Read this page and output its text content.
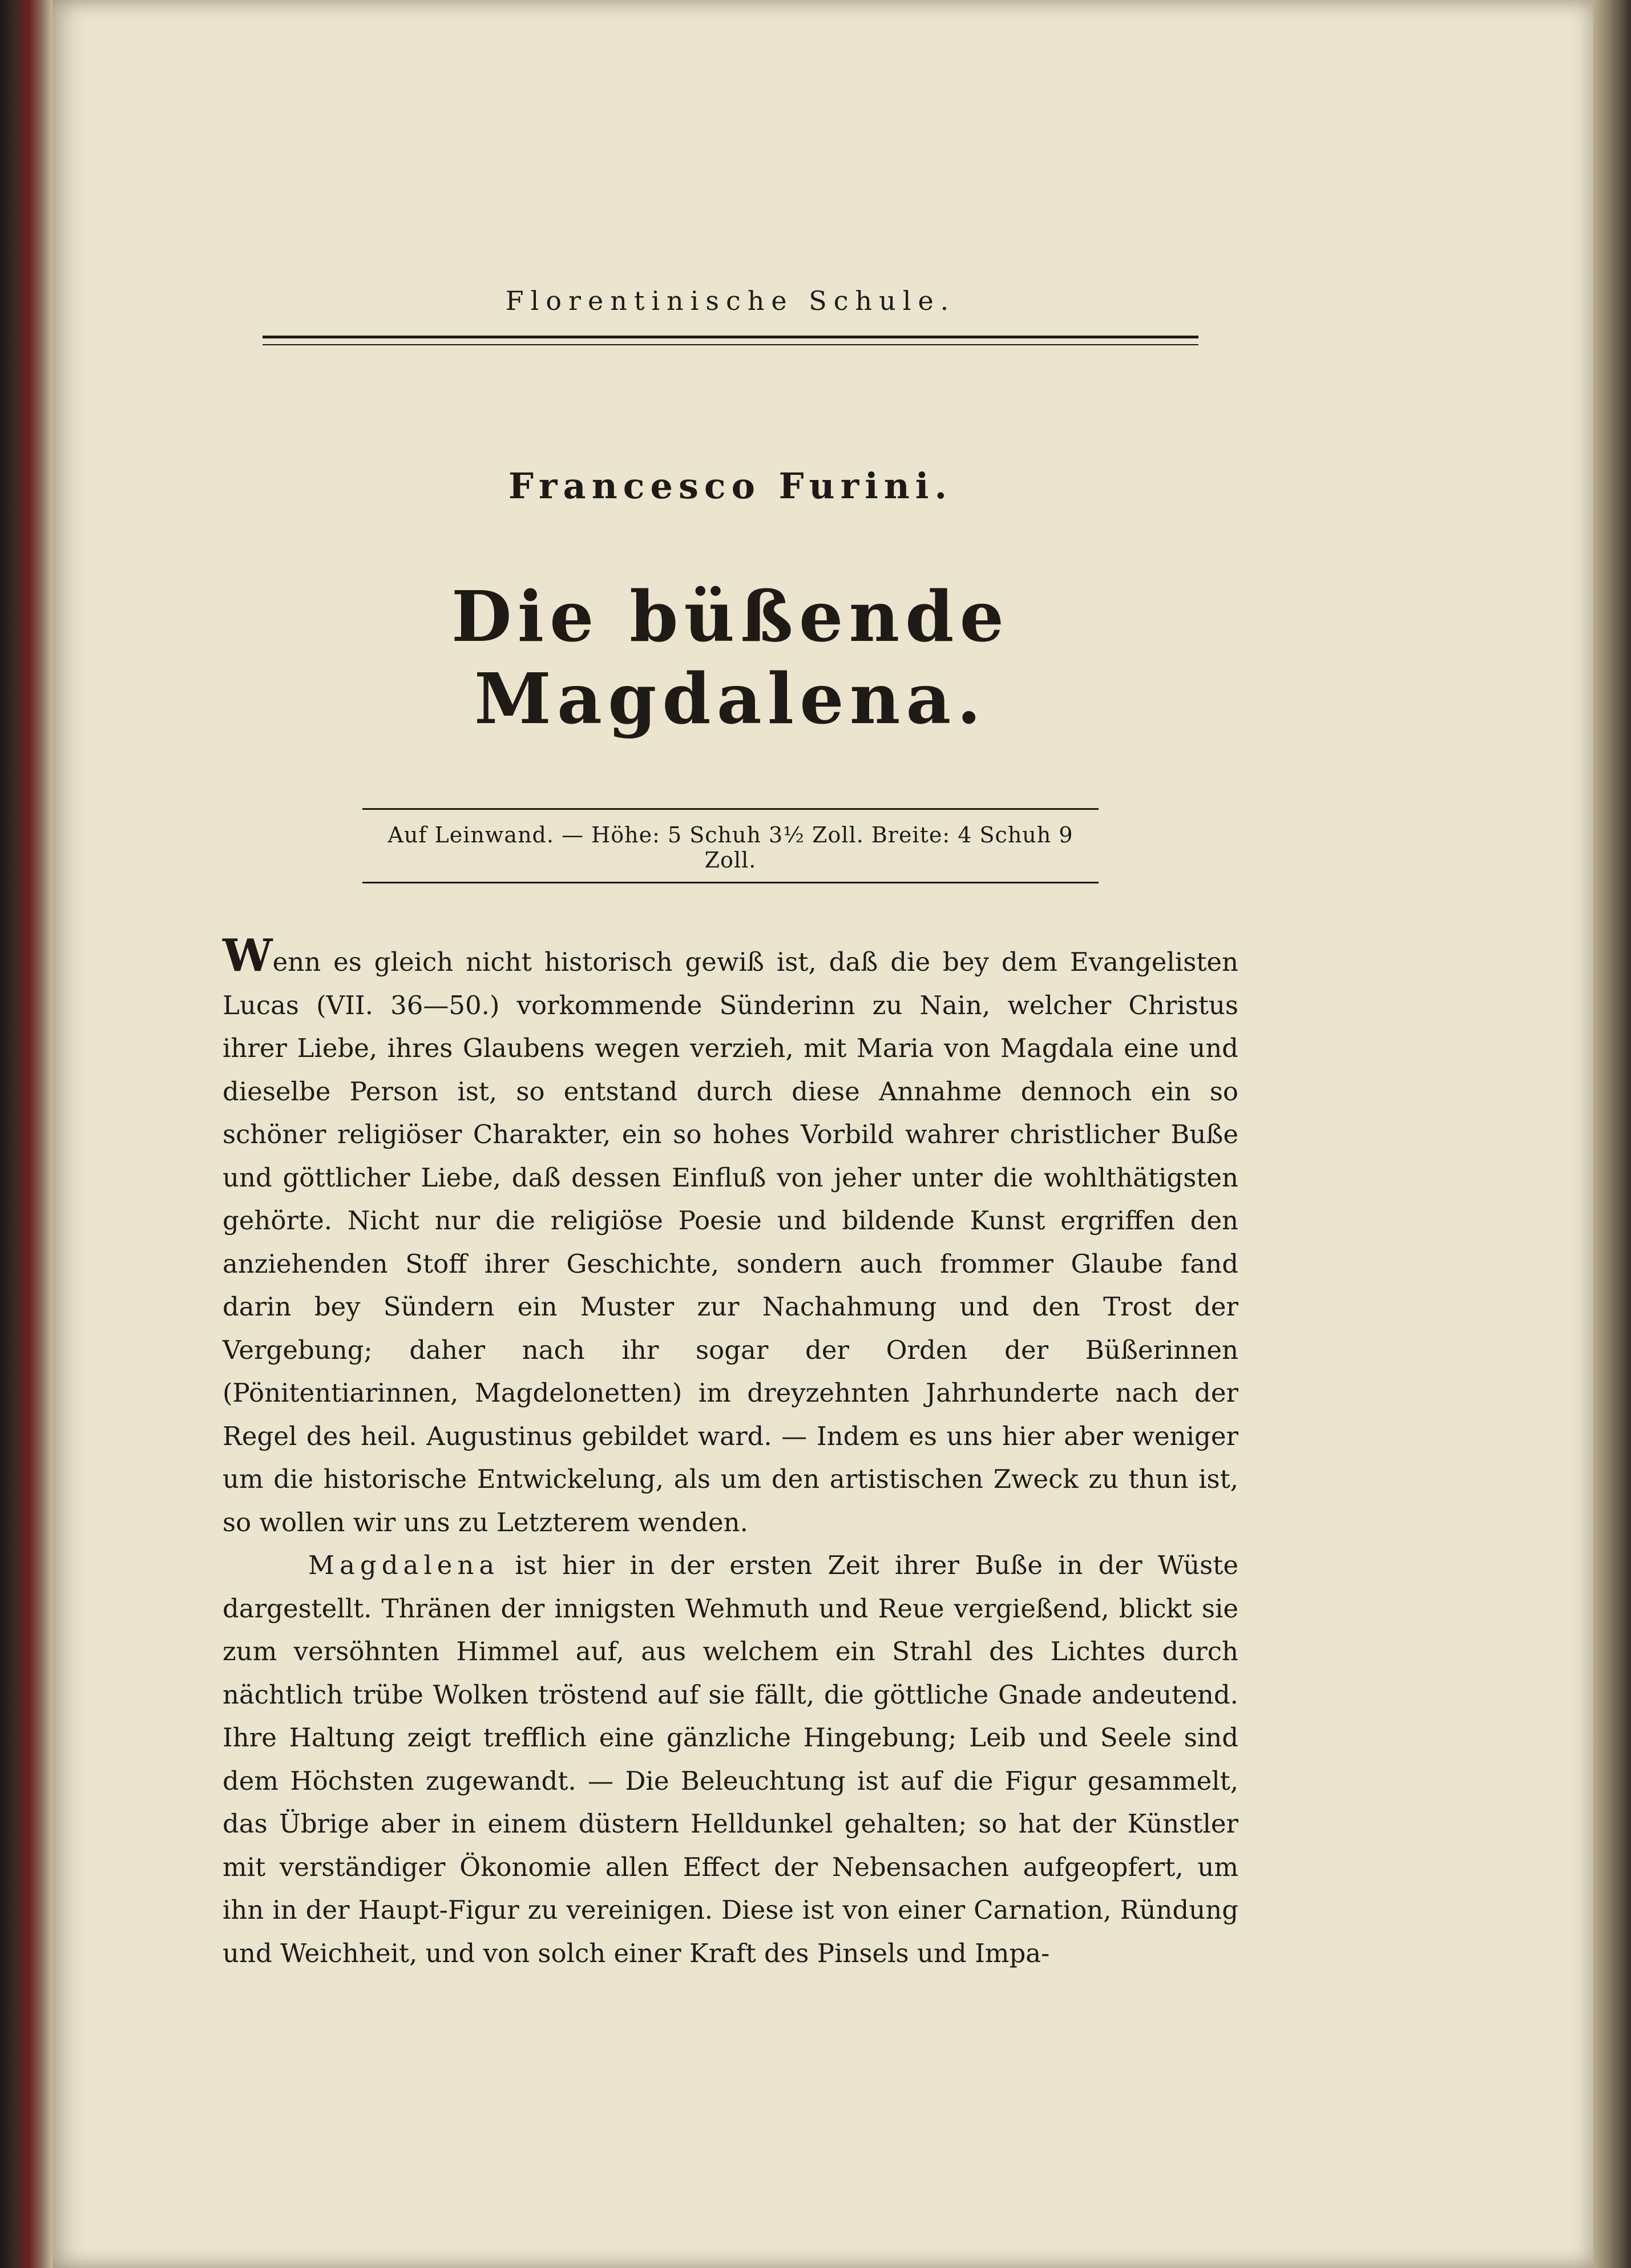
Florentinische Schule.
Francesco Furini.
Die büßende Magdalena.
Auf Leinwand. — Höhe: 5 Schuh 3½ Zoll. Breite: 4 Schuh 9 Zoll.

Wenn es gleich nicht historisch gewiß ist, daß die bey dem Evangelisten Lucas (VII. 36—50.) vorkommende Sünderinn zu Nain, welcher Christus ihrer Liebe, ihres Glaubens wegen verzieh, mit Maria von Magdala eine und dieselbe Person ist, so entstand durch diese Annahme dennoch ein so schöner religiöser Charakter, ein so hohes Vorbild wahrer christlicher Buße und göttlicher Liebe, daß dessen Einfluß von jeher unter die wohlthätigsten gehörte. Nicht nur die religiöse Poesie und bildende Kunst ergriffen den anziehenden Stoff ihrer Geschichte, sondern auch frommer Glaube fand darin bey Sündern ein Muster zur Nachahmung und den Trost der Vergebung; daher nach ihr sogar der Orden der Büßerinnen (Pönitentiarinnen, Magdelonetten) im dreyzehnten Jahrhunderte nach der Regel des heil. Augustinus gebildet ward. — Indem es uns hier aber weniger um die historische Entwickelung, als um den artistischen Zweck zu thun ist, so wollen wir uns zu Letzterem wenden.

Magdalena ist hier in der ersten Zeit ihrer Buße in der Wüste dargestellt. Thränen der innigsten Wehmuth und Reue vergießend, blickt sie zum versöhnten Himmel auf, aus welchem ein Strahl des Lichtes durch nächtlich trübe Wolken tröstend auf sie fällt, die göttliche Gnade andeutend. Ihre Haltung zeigt trefflich eine gänzliche Hingebung; Leib und Seele sind dem Höchsten zugewandt. — Die Beleuchtung ist auf die Figur gesammelt, das Übrige aber in einem düstern Helldunkel gehalten; so hat der Künstler mit verständiger Ökonomie allen Effect der Nebensachen aufgeopfert, um ihn in der Haupt-Figur zu vereinigen. Diese ist von einer Carnation, Ründung und Weichheit, und von solch einer Kraft des Pinsels und Impa-
